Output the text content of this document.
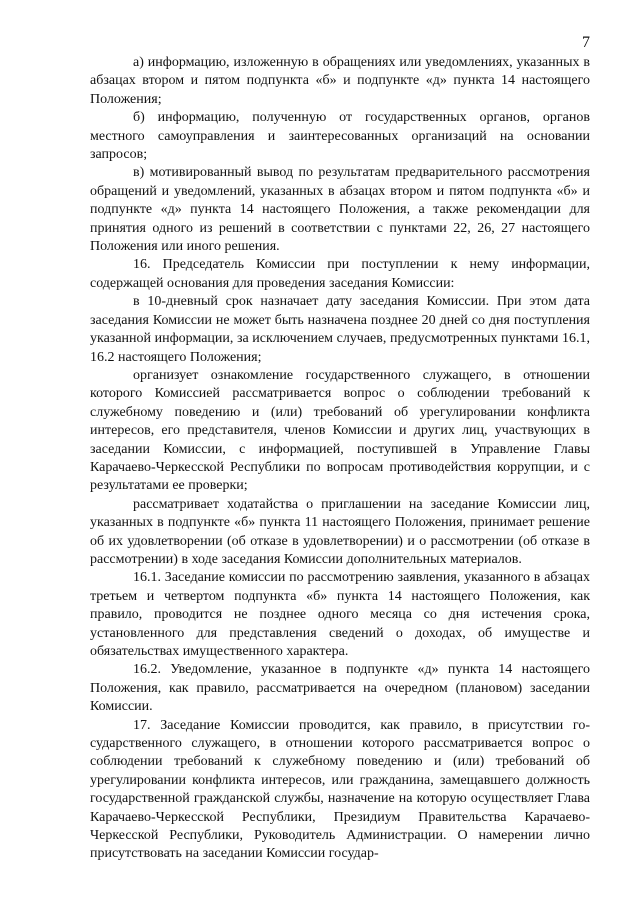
7

а) информацию, изложенную в обращениях или уведомлениях, указанных в абзацах втором и пятом подпункта «б» и подпункте «д» пункта 14 настоящего Положения;

б) информацию, полученную от государственных органов, органов местного самоуправления и заинтересованных организаций на основании запросов;

в) мотивированный вывод по результатам предварительного рассмотрения обращений и уведомлений, указанных в абзацах втором и пятом подпункта «б» и подпункте «д» пункта 14 настоящего Положения, а также рекомендации для принятия одного из решений в соответствии с пунктами 22, 26, 27 настоящего Положения или иного решения.

16. Председатель Комиссии при поступлении к нему информации, содержащей основания для проведения заседания Комиссии:

в 10-дневный срок назначает дату заседания Комиссии. При этом дата заседания Комиссии не может быть назначена позднее 20 дней со дня поступления указанной информации, за исключением случаев, предусмотренных пунктами 16.1, 16.2 настоящего Положения;

организует ознакомление государственного служащего, в отношении которого Комиссией рассматривается вопрос о соблюдении требований к служебному поведению и (или) требований об урегулировании конфликта интересов, его представителя, членов Комиссии и других лиц, участвующих в заседании Комиссии, с информацией, поступившей в Управление Главы Карачаево-Черкесской Республики по вопросам противодействия коррупции, и с результатами ее проверки;

рассматривает ходатайства о приглашении на заседание Комиссии лиц, указанных в подпункте «б» пункта 11 настоящего Положения, принимает решение об их удовлетворении (об отказе в удовлетворении) и о рассмотрении (об отказе в рассмотрении) в ходе заседания Комиссии дополнительных материалов.

16.1. Заседание комиссии по рассмотрению заявления, указанного в абзацах третьем и четвертом подпункта «б» пункта 14 настоящего Положения, как правило, проводится не позднее одного месяца со дня истечения срока, установленного для представления сведений о доходах, об имуществе и обязательствах имущественного характера.

16.2. Уведомление, указанное в подпункте «д» пункта 14 настоящего Положения, как правило, рассматривается на очередном (плановом) заседании Комиссии.

17. Заседание Комиссии проводится, как правило, в присутствии государственного служащего, в отношении которого рассматривается вопрос о соблюдении требований к служебному поведению и (или) требований об урегулировании конфликта интересов, или гражданина, замещавшего должность государственной гражданской службы, назначение на которую осуществляет Глава Карачаево-Черкесской Республики, Президиум Правительства Карачаево-Черкесской Республики, Руководитель Администрации. О намерении лично присутствовать на заседании Комиссии государ-
